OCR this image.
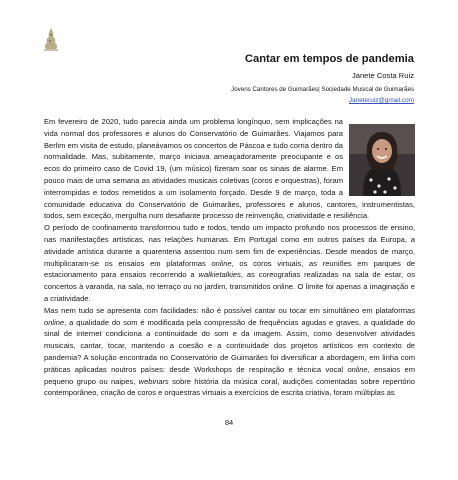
Cantar em tempos de pandemia
Janete Costa Ruiz
Jovens Cantores de Guimarães| Sociedade Musical de Guimarães
Janeteruiz@gmail.com

Em fevereiro de 2020, tudo parecia ainda um problema longínquo, sem implicações na vida normal dos professores e alunos do Conservatório de Guimarães. Viajamos para Berlim em visita de estudo, planeávamos os concertos de Páscoa e tudo corria dentro da normalidade. Mas, subitamente, março iniciava ameaçadoramente preocupante e os ecos do primeiro caso de Covid 19, (um músico) fizeram soar os sinais de alarme. Em pouco mais de uma semana as atividades musicais coletivas (coros e orquestras), foram interrompidas e todos remetidos a um isolamento forçado. Desde 9 de março, toda a comunidade educativa do Conservatório de Guimarães, professores e alunos, cantores, instrumentistas, todos, sem exceção, mergulha num desafiante processo de reinvenção, criatividade e resiliência.

O período de confinamento transformou tudo e todos, tendo um impacto profundo nos processos de ensino, nas manifestações artísticas, nas relações humanas. Em Portugal como em outros países da Europa, a atividade artística durante a quarentena assentou num sem fim de experiências. Desde meados de março, multiplicaram-se os ensaios em plataformas online, os coros virtuais, as reuniões em parques de estacionamento para ensaios recorrendo a walkietalkies, as coreografias realizadas na sala de estar, os concertos à varanda, na sala, no terraço ou no jardim, transmitidos online. O limite foi apenas a imaginação e a criatividade.

Mas nem tudo se apresenta com facilidades: não é possível cantar ou tocar em simultâneo em plataformas online, a qualidade do som é modificada pela compressão de frequências agudas e graves, a qualidade do sinal de internet condiciona a continuidade do som e da imagem. Assim, como desenvolver atividades musicais, cantar, tocar, mantendo a coesão e a continuidade dos projetos artísticos em contexto de pandemia? A solução encontrada no Conservatório de Guimarães foi diversificar a abordagem, em linha com práticas aplicadas noutros países: desde Workshops de respiração e técnica vocal online, ensaios em pequeno grupo ou naipes, webinars sobre história da música coral, audições comentadas sobre repertório contemporâneo, criação de coros e orquestras virtuais a exercícios de escrita criativa, foram múltiplas as

84
